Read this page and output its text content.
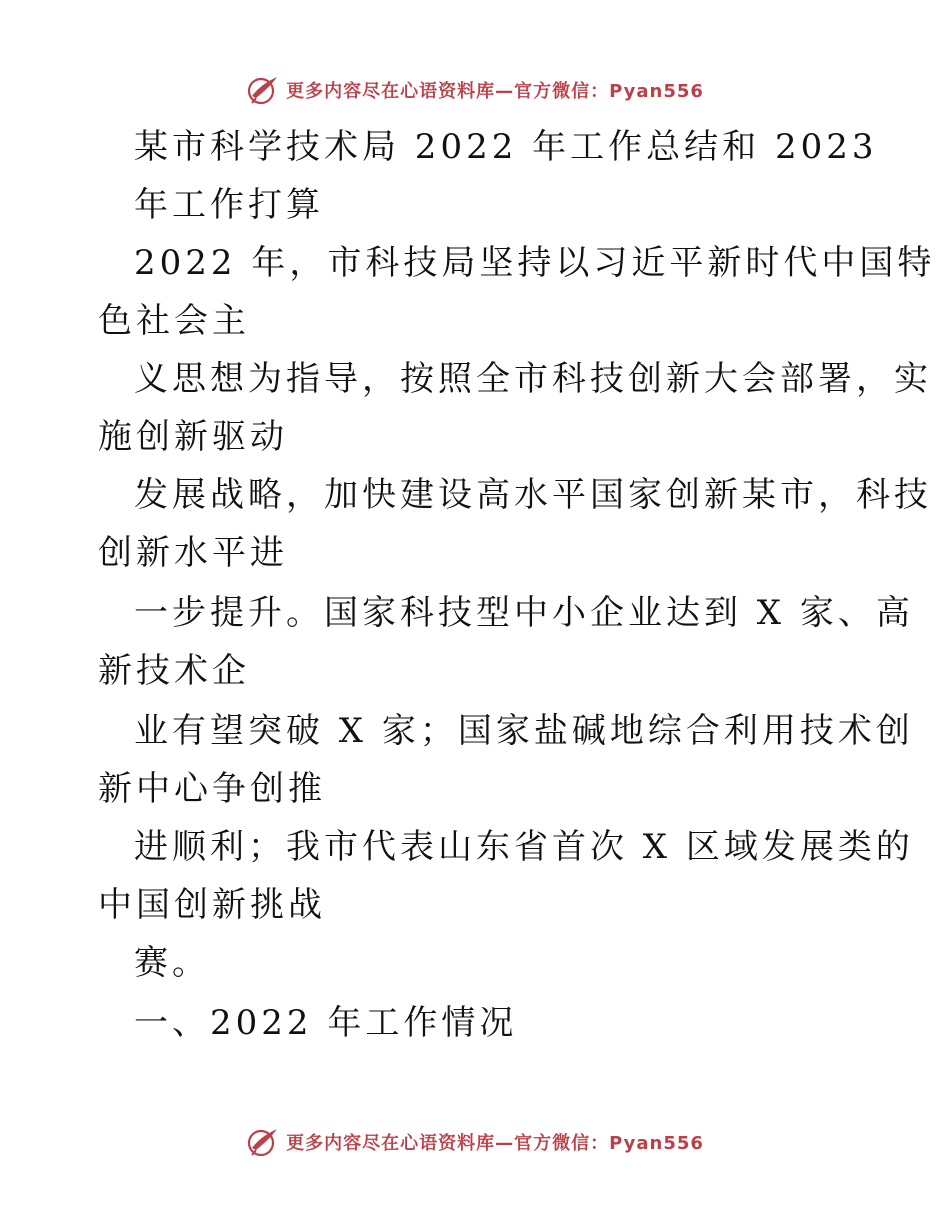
更多内容尽在心语资料库—官方微信：Pyan556
某市科学技术局 2022 年工作总结和 2023
年工作打算
2022 年，市科技局坚持以习近平新时代中国特
色社会主
义思想为指导，按照全市科技创新大会部署，实
施创新驱动
发展战略，加快建设高水平国家创新某市，科技
创新水平进
一步提升。国家科技型中小企业达到 X 家、高
新技术企
业有望突破 X 家；国家盐碱地综合利用技术创
新中心争创推
进顺利；我市代表山东省首次 X 区域发展类的
中国创新挑战
赛。
一、2022 年工作情况
更多内容尽在心语资料库—官方微信：Pyan556
